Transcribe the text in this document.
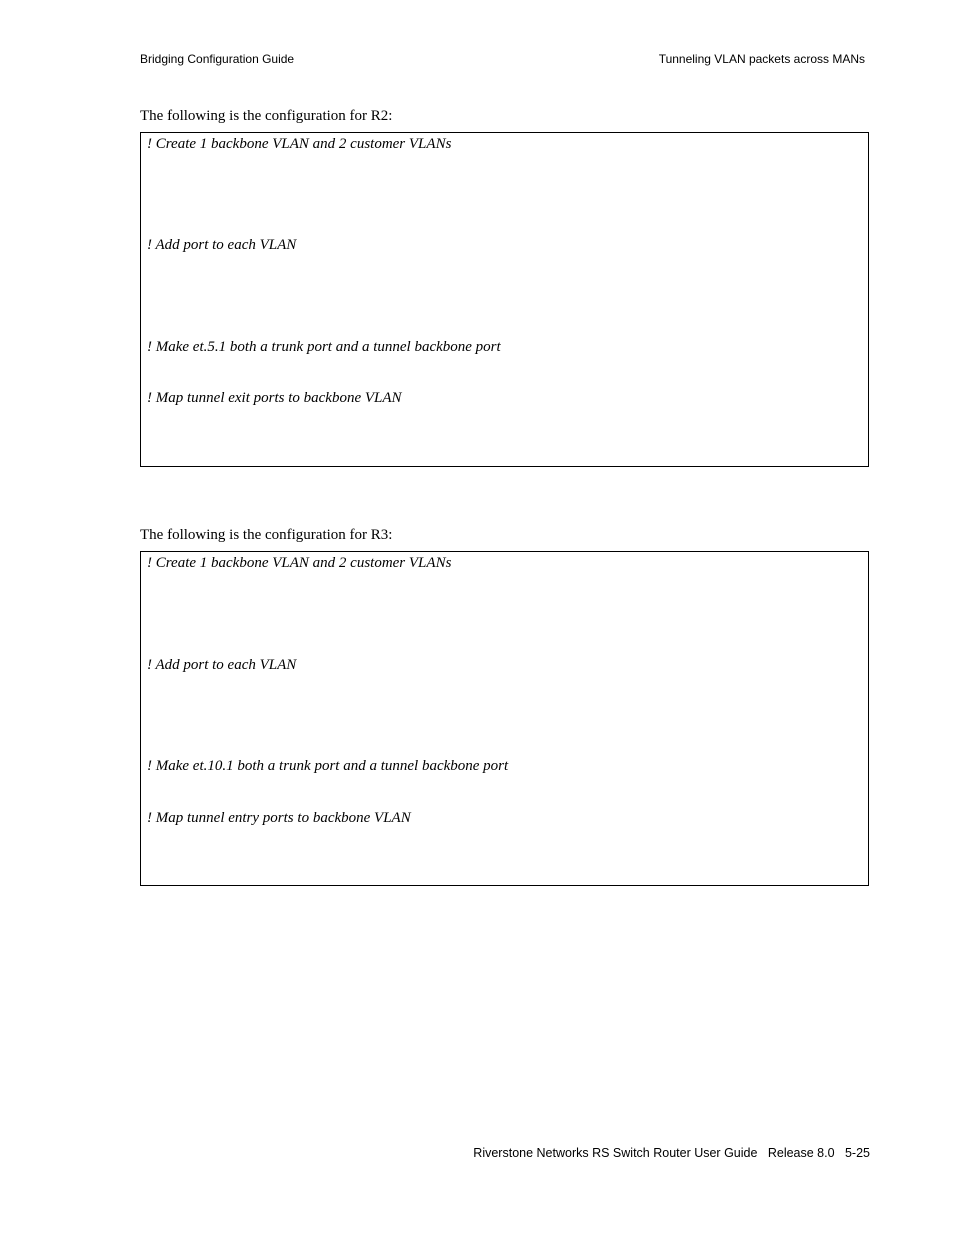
Bridging Configuration Guide	Tunneling VLAN packets across MANs
The following is the configuration for R2:
! Create 1 backbone VLAN and 2 customer VLANs
! Add port to each VLAN
! Make et.5.1 both a trunk port and a tunnel backbone port
! Map tunnel exit ports to backbone VLAN
The following is the configuration for R3:
! Create 1 backbone VLAN and 2 customer VLANs
! Add port to each VLAN
! Make et.10.1 both a trunk port and a tunnel backbone port
! Map tunnel entry ports to backbone VLAN
Riverstone Networks RS Switch Router User Guide   Release 8.0   5-25
